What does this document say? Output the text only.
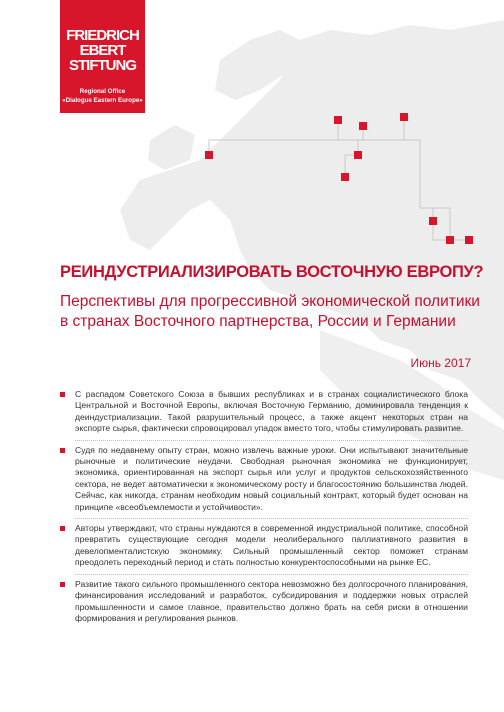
FRIEDRICH
EBERT
STIFTUNG
Regional Office
«Dialogue Eastern Europe»
РЕИНДУСТРИАЛИЗИРОВАТЬ ВОСТОЧНУЮ ЕВРОПУ?
Перспективы для прогрессивной экономической политики
в странах Восточного партнерства, России и Германии
Июнь 2017
С распадом Советского Союза в бывших республиках и в странах социалистического блока Центральной и Восточной Европы, включая Восточную Германию, доминировала тенденция к деиндустриализации. Такой разрушительный процесс, а также акцент некоторых стран на экспорте сырья, фактически спровоцировал упадок вместо того, чтобы стимулировать развитие.
Судя по недавнему опыту стран, можно извлечь важные уроки. Они испытывают значительные рыночные и политические неудачи. Свободная рыночная экономика не функционирует, экономика, ориентированная на экспорт сырья или услуг и продуктов сельскохозяйственного сектора, не ведет автоматически к экономическому росту и благосостоянию большинства людей. Сейчас, как никогда, странам необходим новый социальный контракт, который будет основан на принципе «всеобъемлемости и устойчивости».
Авторы утверждают, что страны нуждаются в современной индустриальной политике, способной превратить существующие сегодня модели неолиберального паллиативного развития в девелопменталистскую экономику. Сильный промышленный сектор поможет странам преодолеть переходный период и стать полностью конкурентоспособными на рынке ЕС.
Развитие такого сильного промышленного сектора невозможно без долгосрочного планирования, финансирования исследований и разработок, субсидирования и поддержки новых отраслей промышленности и самое главное, правительство должно брать на себя риски в отношении формирования и регулирования рынков.
